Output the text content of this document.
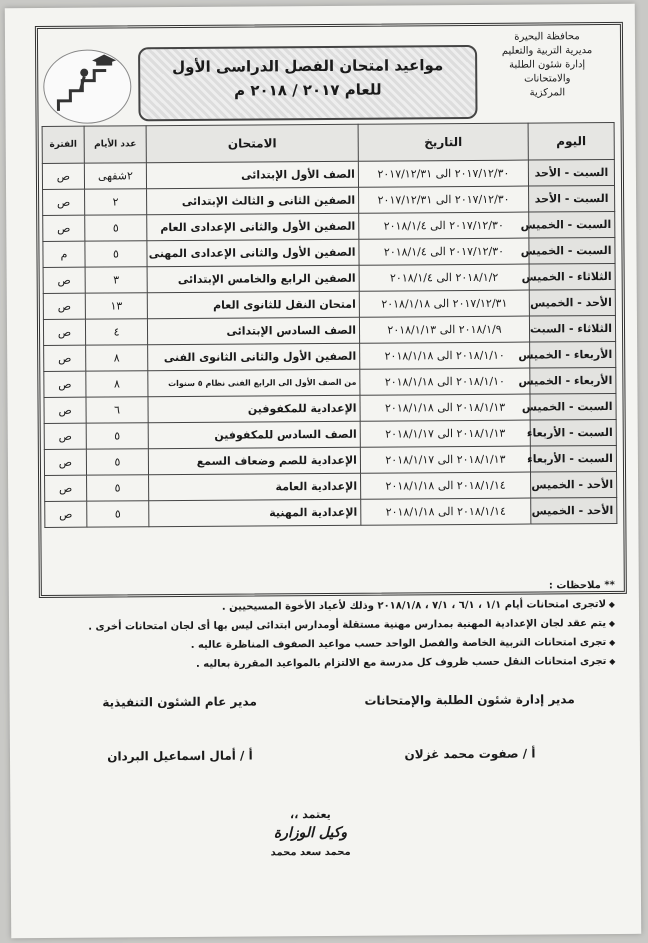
محافظة البحيرة
مديرية التربية والتعليم
إدارة شئون الطلبة والامتحانات
المركزية
مواعيد امتحان الفصل الدراسى الأول
للعام ٢٠١٧ / ٢٠١٨ م
اليوم	التاريخ	الامتحان	عدد الأيام	الفترة
السبت - الأحد	٢٠١٧/١٢/٣٠ الى ٢٠١٧/١٢/٣١	الصف الأول الإبتدائى	٢شفهى	ص
السبت - الأحد	٢٠١٧/١٢/٣٠ الى ٢٠١٧/١٢/٣١	الصفين الثانى و الثالث الإبتدائى	٢	ص
السبت - الخميس	٢٠١٧/١٢/٣٠ الى ٢٠١٨/١/٤	الصفين الأول والثانى الإعدادى العام	٥	ص
السبت - الخميس	٢٠١٧/١٢/٣٠ الى ٢٠١٨/١/٤	الصفين الأول والثانى الإعدادى المهنى	٥	م
الثلاثاء - الخميس	٢٠١٨/١/٢ الى ٢٠١٨/١/٤	الصفين الرابع والخامس الإبتدائى	٣	ص
الأحد - الخميس	٢٠١٧/١٢/٣١ الى ٢٠١٨/١/١٨	امتحان النقل للثانوى العام	١٣	ص
الثلاثاء - السبت	٢٠١٨/١/٩ الى ٢٠١٨/١/١٣	الصف السادس الإبتدائى	٤	ص
الأربعاء - الخميس	٢٠١٨/١/١٠ الى ٢٠١٨/١/١٨	الصفين الأول والثانى الثانوى الفنى	٨	ص
الأربعاء - الخميس	٢٠١٨/١/١٠ الى ٢٠١٨/١/١٨	من الصف الأول الى الرابع الفنى نظام ٥ سنوات	٨	ص
السبت - الخميس	٢٠١٨/١/١٣ الى ٢٠١٨/١/١٨	الإعدادية للمكفوفين	٦	ص
السبت - الأربعاء	٢٠١٨/١/١٣ الى ٢٠١٨/١/١٧	الصف السادس للمكفوفين	٥	ص
السبت - الأربعاء	٢٠١٨/١/١٣ الى ٢٠١٨/١/١٧	الإعدادية للصم وضعاف السمع	٥	ص
الأحد - الخميس	٢٠١٨/١/١٤ الى ٢٠١٨/١/١٨	الإعدادية العامة	٥	ص
الأحد - الخميس	٢٠١٨/١/١٤ الى ٢٠١٨/١/١٨	الإعدادية المهنية	٥	ص
** ملاحظات :
◆ لاتجرى امتحانات أيام ١/١ ، ٦/١ ، ٧/١ ، ٢٠١٨/١/٨ وذلك لأعياد الأخوة المسيحيين .
◆ يتم عقد لجان الإعدادية المهنية بمدارس مهنية مستقلة أومدارس ابتدائى ليس بها أى لجان امتحانات أخرى .
◆ تجرى امتحانات التربية الخاصة والفصل الواحد حسب مواعيد الصفوف المناظرة عاليه .
◆ تجرى امتحانات النقل حسب ظروف كل مدرسة مع الالتزام بالمواعيد المقررة بعاليه .
مدير إدارة شئون الطلبة والإمتحانات
أ / صفوت محمد غزلان
مدير عام الشئون التنفيذية
أ / أمال اسماعيل البردان
يعتمد ،،
وكيل الوزارة
محمد سعد محمد
